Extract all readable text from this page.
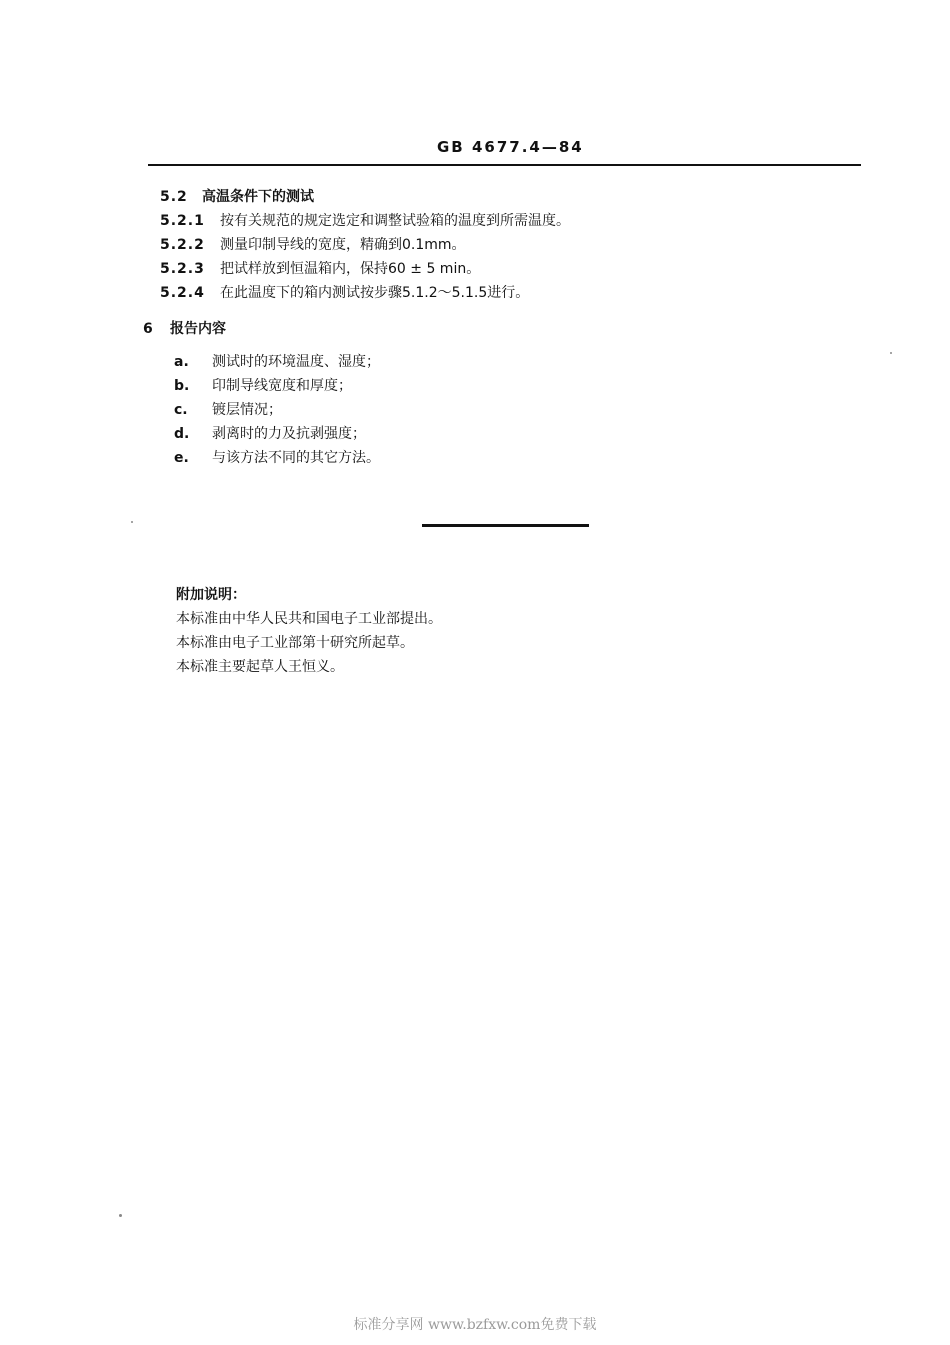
GB 4677.4—84
5.2 高温条件下的测试
5.2.1 按有关规范的规定选定和调整试验箱的温度到所需温度。
5.2.2 测量印制导线的宽度，精确到0.1mm。
5.2.3 把试样放到恒温箱内，保持60 ± 5 min。
5.2.4 在此温度下的箱内测试按步骤5.1.2～5.1.5进行。
6 报告内容
a. 测试时的环境温度、湿度；
b. 印制导线宽度和厚度；
c. 镀层情况；
d. 剥离时的力及抗剥强度；
e. 与该方法不同的其它方法。
附加说明：
本标准由中华人民共和国电子工业部提出。
本标准由电子工业部第十研究所起草。
本标准主要起草人王恒义。
标准分享网 www.bzfxw.com免费下载
